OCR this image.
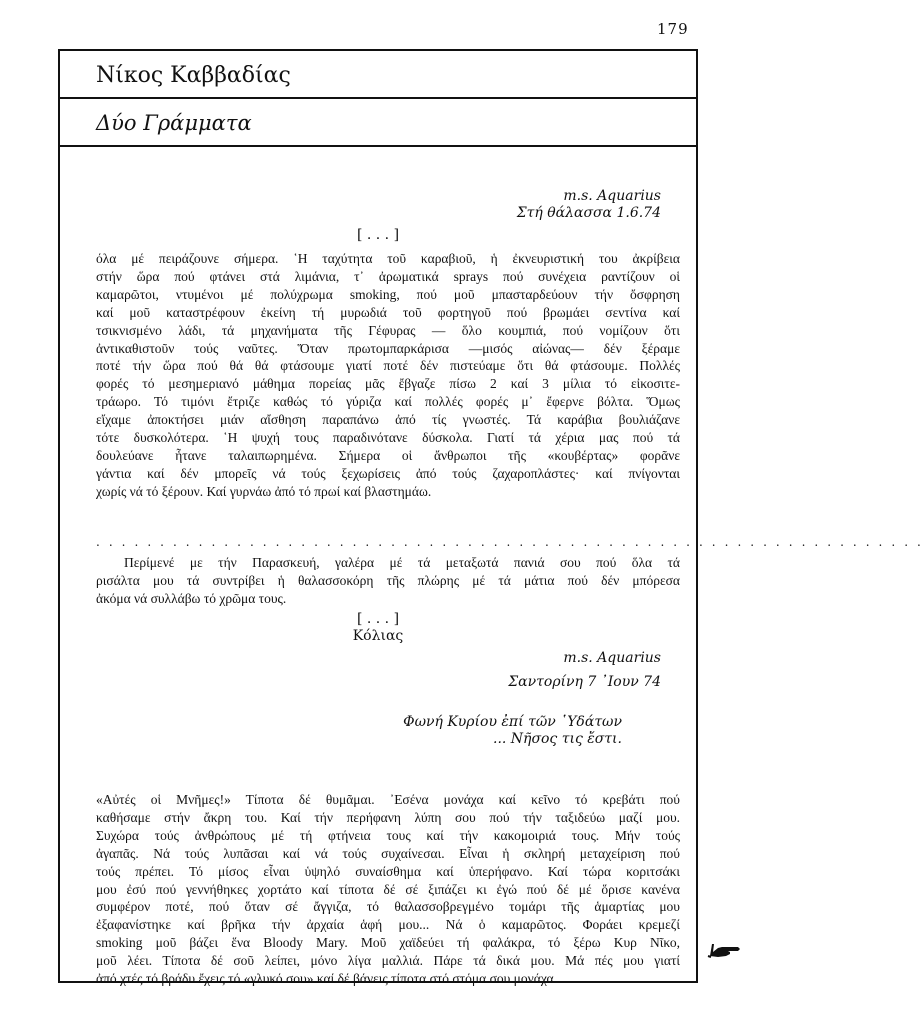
179
Νίκος Καββαδίας
Δύο Γράμματα
m.s. Aquarius
Στή θάλασσα 1.6.74
[ . . . ]
όλα μέ πειράζουνε σήμερα. ῾Η ταχύτητα τοῦ καραβιοῦ, ἡ ἐκνευριστική του ἀκρίβεια
στήν ὥρα πού φτάνει στά λιμάνια, τ᾿ ἀρωματικά sprays πού συνέχεια ραντίζουν οἱ
καμαρῶτοι, ντυμένοι μέ πολύχρωμα smoking, πού μοῦ μπασταρδεύουν τήν ὄσφρηση
καί μοῦ καταστρέφουν ἐκείνη τή μυρωδιά τοῦ φορτηγοῦ πού βρωμάει σεντίνα καί
τσικνισμένο λάδι, τά μηχανήματα τῆς Γέφυρας — ὅλο κουμπιά, πού νομίζουν ὅτι
ἀντικαθιστοῦν τούς ναῦτες. Ὅταν πρωτομπαρκάρισα —μισός αἰώνας— δέν ξέραμε
ποτέ τήν ὥρα πού θά θά φτάσουμε γιατί ποτέ δέν πιστεύαμε ὅτι θά φτάσουμε. Πολλές
φορές τό μεσημεριανό μάθημα πορείας μᾶς ἔβγαζε πίσω 2 καί 3 μίλια τό εἰκοσιτε-
τράωρο. Τό τιμόνι ἔτριζε καθώς τό γύριζα καί πολλές φορές μ᾿ ἔφερνε βόλτα. Ὅμως
εἴχαμε ἀποκτήσει μιάν αἴσθηση παραπάνω ἀπό τίς γνωστές. Τά καράβια βουλιάζανε
τότε δυσκολότερα. ῾Η ψυχή τους παραδινότανε δύσκολα. Γιατί τά χέρια μας πού τά
δουλεύανε ἦτανε ταλαιπωρημένα. Σήμερα οἱ ἄνθρωποι τῆς «κουβέρτας» φορᾶνε
γάντια καί δέν μπορεῖς νά τούς ξεχωρίσεις ἀπό τούς ζαχαροπλάστες· καί πνίγονται
χωρίς νά τό ξέρουν. Καί γυρνάω ἀπό τό πρωί καί βλαστημάω.
. . . . . . . . . . . . . . . . . . . . . . . . . . . . . . . . . . . . . . . . . . . . . . . . . . . . . . . . . . . . . . . . .
Περίμενέ με τήν Παρασκευή, γαλέρα μέ τά μεταξωτά πανιά σου πού ὅλα τά
ρισάλτα μου τά συντρίβει ἡ θαλασσοκόρη τῆς πλώρης μέ τά μάτια πού δέν μπόρεσα
ἀκόμα νά συλλάβω τό χρῶμα τους.
[ . . . ]
Κόλιας
m.s. Aquarius
Σαντορίνη 7 ᾿Ιουν 74
Φωνή Κυρίου ἐπί τῶν ῾Υδάτων
... Νῆσος τις ἔστι.
«Αὐτές οἱ Μνῆμες!» Τίποτα δέ θυμᾶμαι. ᾿Εσένα μονάχα καί κεῖνο τό κρεβάτι πού
καθήσαμε στήν ἄκρη του. Καί τήν περήφανη λύπη σου πού τήν ταξιδεύω μαζί μου.
Συχώρα τούς ἀνθρώπους μέ τή φτήνεια τους καί τήν κακομοιριά τους. Μήν τούς
ἀγαπᾶς. Νά τούς λυπᾶσαι καί νά τούς συχαίνεσαι. Εἶναι ἡ σκληρή μεταχείριση πού
τούς πρέπει. Τό μίσος εἶναι ὑψηλό συναίσθημα καί ὑπερήφανο. Καί τώρα κοριτσάκι
μου ἐσύ πού γεννήθηκες χορτάτο καί τίποτα δέ σέ ξιπάζει κι ἐγώ πού δέ μέ ὅρισε κανένα
συμφέρον ποτέ, πού ὅταν σέ ἄγγιζα, τό θαλασσοβρεγμένο τομάρι τῆς ἁμαρτίας μου
ἐξαφανίστηκε καί βρῆκα τήν ἀρχαία ἁφή μου... Νά ὁ καμαρῶτος. Φοράει κρεμεζί
smoking μοῦ βάζει ἕνα Bloody Mary. Μοῦ χαϊδεύει τή φαλάκρα, τό ξέρω Κυρ Νῖκο,
μοῦ λέει. Τίποτα δέ σοῦ λείπει, μόνο λίγα μαλλιά. Πάρε τά δικά μου. Μά πές μου γιατί
ἀπό χτές τό βράδυ ἔχεις τό «γλυκό σου» καί δέ βάνεις τίποτα στό στόμα σου μονάχα
